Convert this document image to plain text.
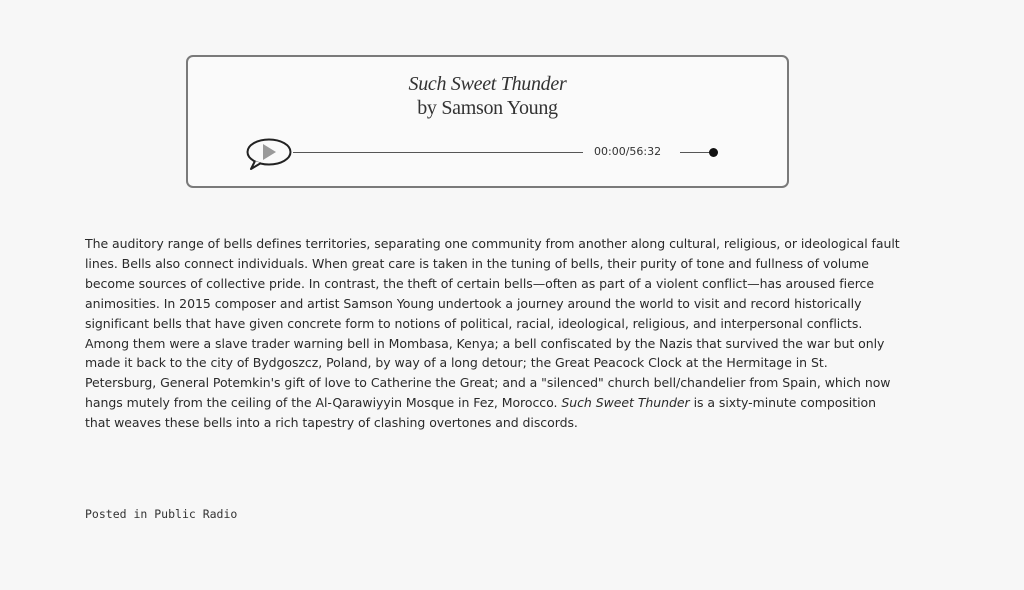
Such Sweet Thunder
by Samson Young
00:00/56:32

The auditory range of bells defines territories, separating one community from another along cultural, religious, or ideological fault lines. Bells also connect individuals. When great care is taken in the tuning of bells, their purity of tone and fullness of volume become sources of collective pride. In contrast, the theft of certain bells—often as part of a violent conflict—has aroused fierce animosities. In 2015 composer and artist Samson Young undertook a journey around the world to visit and record historically significant bells that have given concrete form to notions of political, racial, ideological, religious, and interpersonal conflicts. Among them were a slave trader warning bell in Mombasa, Kenya; a bell confiscated by the Nazis that survived the war but only made it back to the city of Bydgoszcz, Poland, by way of a long detour; the Great Peacock Clock at the Hermitage in St. Petersburg, General Potemkin's gift of love to Catherine the Great; and a "silenced" church bell/chandelier from Spain, which now hangs mutely from the ceiling of the Al-Qarawiyyin Mosque in Fez, Morocco. Such Sweet Thunder is a sixty-minute composition that weaves these bells into a rich tapestry of clashing overtones and discords.

Posted in Public Radio
